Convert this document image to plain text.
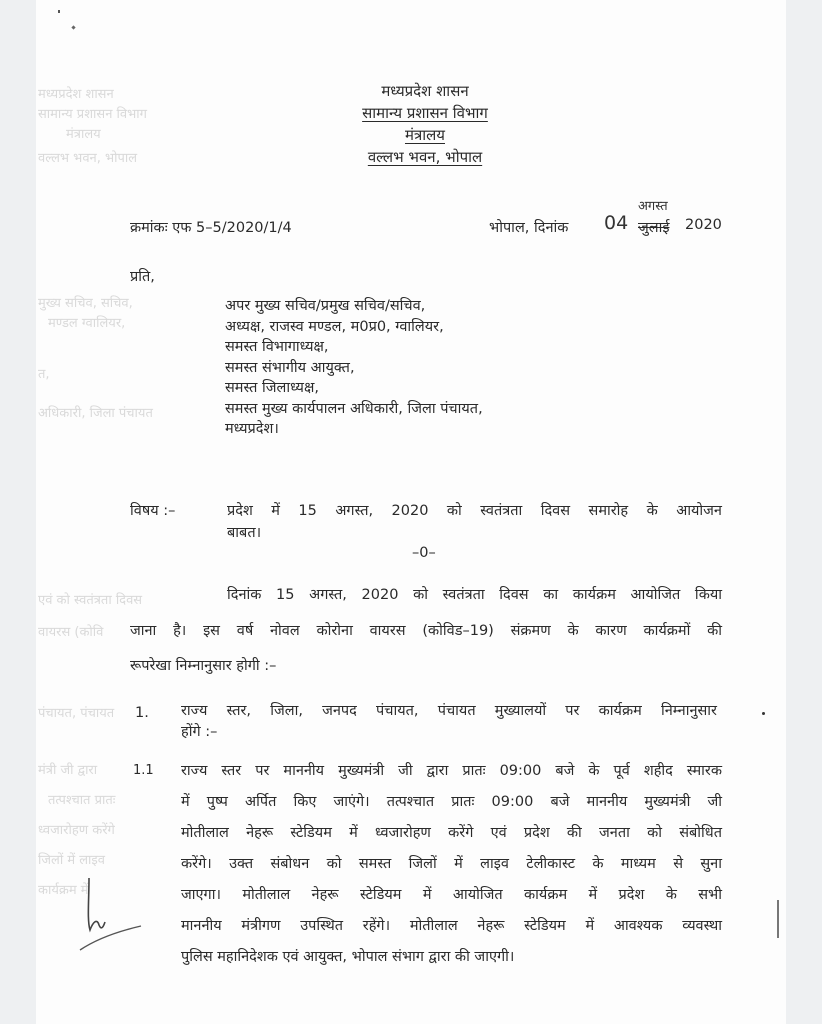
मध्यप्रदेश शासन
सामान्य प्रशासन विभाग
मंत्रालय
वल्लभ भवन, भोपाल
मुख्य सचिव, सचिव,
मण्डल ग्वालियर,
त,
अधिकारी, जिला पंचायत
एवं को स्वतंत्रता दिवस
वायरस (कोवि
पंचायत, पंचायत
मंत्री जी द्वारा
तत्पश्चात प्रातः
ध्वजारोहण करेंगे
जिलों में लाइव
कार्यक्रम में
मध्यप्रदेश शासन
सामान्य प्रशासन विभाग
मंत्रालय
वल्लभ भवन, भोपाल
क्रमांकः एफ 5–5/2020/1/4	भोपाल, दिनांक 04
अगस्त
जुलाई 2020
प्रति,
अपर मुख्य सचिव/प्रमुख सचिव/सचिव,
अध्यक्ष, राजस्व मण्डल, म0प्र0, ग्वालियर,
समस्त विभागाध्यक्ष,
समस्त संभागीय आयुक्त,
समस्त जिलाध्यक्ष,
समस्त मुख्य कार्यपालन अधिकारी, जिला पंचायत,
मध्यप्रदेश।
विषय :–	प्रदेश में 15 अगस्त, 2020 को स्वतंत्रता दिवस समारोह के आयोजन
बाबत।
–0–
दिनांक 15 अगस्त, 2020 को स्वतंत्रता दिवस का कार्यक्रम आयोजित किया
जाना है। इस वर्ष नोवल कोरोना वायरस (कोविड–19) संक्रमण के कारण कार्यक्रमों की
रूपरेखा निम्नानुसार होगी :–
1. राज्य स्तर, जिला, जनपद पंचायत, पंचायत मुख्यालयों पर कार्यक्रम निम्नानुसार
होंगे :–
1.1 राज्य स्तर पर माननीय मुख्यमंत्री जी द्वारा प्रातः 09:00 बजे के पूर्व शहीद स्मारक
में पुष्प अर्पित किए जाएंगे। तत्पश्चात प्रातः 09:00 बजे माननीय मुख्यमंत्री जी
मोतीलाल नेहरू स्टेडियम में ध्वजारोहण करेंगे एवं प्रदेश की जनता को संबोधित
करेंगे। उक्त संबोधन को समस्त जिलों में लाइव टेलीकास्ट के माध्यम से सुना
जाएगा। मोतीलाल नेहरू स्टेडियम में आयोजित कार्यक्रम में प्रदेश के सभी
माननीय मंत्रीगण उपस्थित रहेंगे। मोतीलाल नेहरू स्टेडियम में आवश्यक व्यवस्था
पुलिस महानिदेशक एवं आयुक्त, भोपाल संभाग द्वारा की जाएगी।
